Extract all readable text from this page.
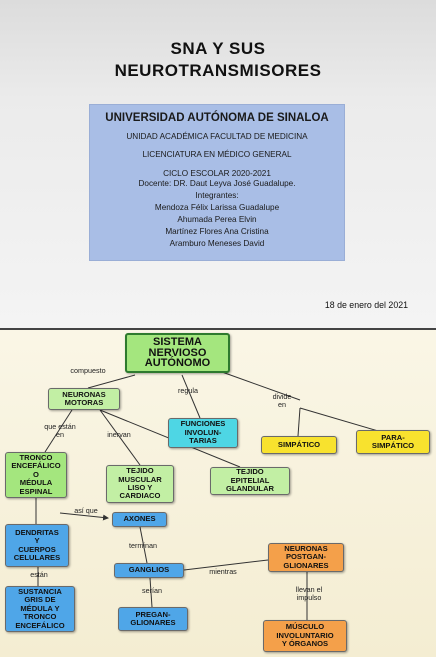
SNA Y SUS
NEUROTRANSMISORES
UNIVERSIDAD AUTÓNOMA DE SINALOA
UNIDAD ACADÉMICA FACULTAD DE MEDICINA
LICENCIATURA EN MÉDICO GENERAL
CICLO ESCOLAR 2020-2021
Docente: DR. Daut Leyva José Guadalupe.
Integrantes:
Mendoza Félix Larissa Guadalupe
Ahumada Perea Elvin
Martínez Flores Ana Cristina
Aramburo Meneses David
18 de enero del 2021
SISTEMA
NERVIOSO
AUTÓNOMO
NEURONAS
MOTORAS
FUNCIONES
INVOLUN-
TARIAS	SIMPÁTICO
PARA-
SIMPÁTICO
TRONCO
ENCEFÁLICO
O
MÉDULA
ESPINAL
TEJIDO
MUSCULAR
LISO Y
CARDIACO
TEJIDO
EPITELIAL
GLANDULAR
AXONES
DENDRITAS
Y
CUERPOS
CELULARES
GANGLIOS
NEURONAS
POSTGAN-
GLIONARES
SUSTANCIA
GRIS DE
MÉDULA Y
TRONCO
ENCEFÁLICO
PREGAN-
GLIONARES	MÚSCULO
INVOLUNTARIO
Y ÓRGANOS
compuesto
regula
divide
en
que están
en	inervan
así que
terminan
están	mientras
serían	llevan el
impulso
